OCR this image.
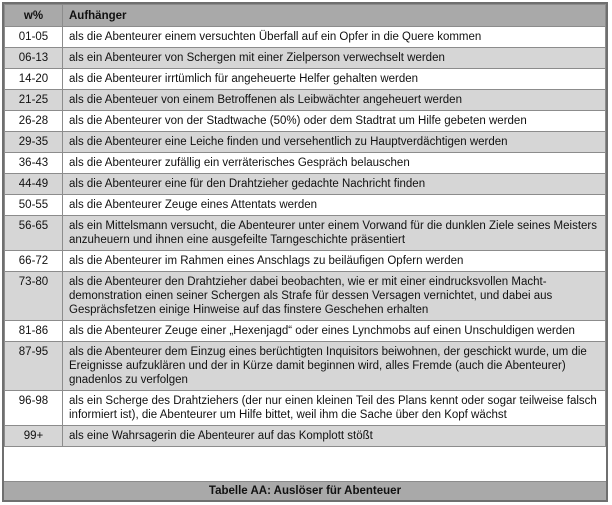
w%	Aufhänger
01-05	als die Abenteurer einem versuchten Überfall auf ein Opfer in die Quere kommen
06-13	als ein Abenteurer von Schergen mit einer Zielperson verwechselt werden
14-20	als die Abenteurer irrtümlich für angeheuerte Helfer gehalten werden
21-25	als die Abenteuer von einem Betroffenen als Leibwächter angeheuert werden
26-28	als die Abenteurer von der Stadtwache (50%) oder dem Stadtrat um Hilfe gebeten werden
29-35	als die Abenteurer eine Leiche finden und versehentlich zu Hauptverdächtigen werden
36-43	als die Abenteurer zufällig ein verräterisches Gespräch belauschen
44-49	als die Abenteurer eine für den Drahtzieher gedachte Nachricht finden
50-55	als die Abenteurer Zeuge eines Attentats werden
56-65	als ein Mittelsmann versucht, die Abenteurer unter einem Vorwand für die dunklen Ziele seines Meisters anzuheuern und ihnen eine ausgefeilte Tarngeschichte präsentiert
66-72	als die Abenteurer im Rahmen eines Anschlags zu beiläufigen Opfern werden
73-80	als die Abenteurer den Drahtzieher dabei beobachten, wie er mit einer eindrucksvollen Macht-demonstration einen seiner Schergen als Strafe für dessen Versagen vernichtet, und dabei aus Gesprächsfetzen einige Hinweise auf das finstere Geschehen erhalten
81-86	als die Abenteurer Zeuge einer „Hexenjagd“ oder eines Lynchmobs auf einen Unschuldigen werden
87-95	als die Abenteurer dem Einzug eines berüchtigten Inquisitors beiwohnen, der geschickt wurde, um die Ereignisse aufzuklären und der in Kürze damit beginnen wird, alles Fremde (auch die Abenteurer) gnadenlos zu verfolgen
96-98	als ein Scherge des Drahtziehers (der nur einen kleinen Teil des Plans kennt oder sogar teilweise falsch informiert ist), die Abenteurer um Hilfe bittet, weil ihm die Sache über den Kopf wächst
99+	als eine Wahrsagerin die Abenteurer auf das Komplott stößt
Tabelle AA: Auslöser für Abenteuer
